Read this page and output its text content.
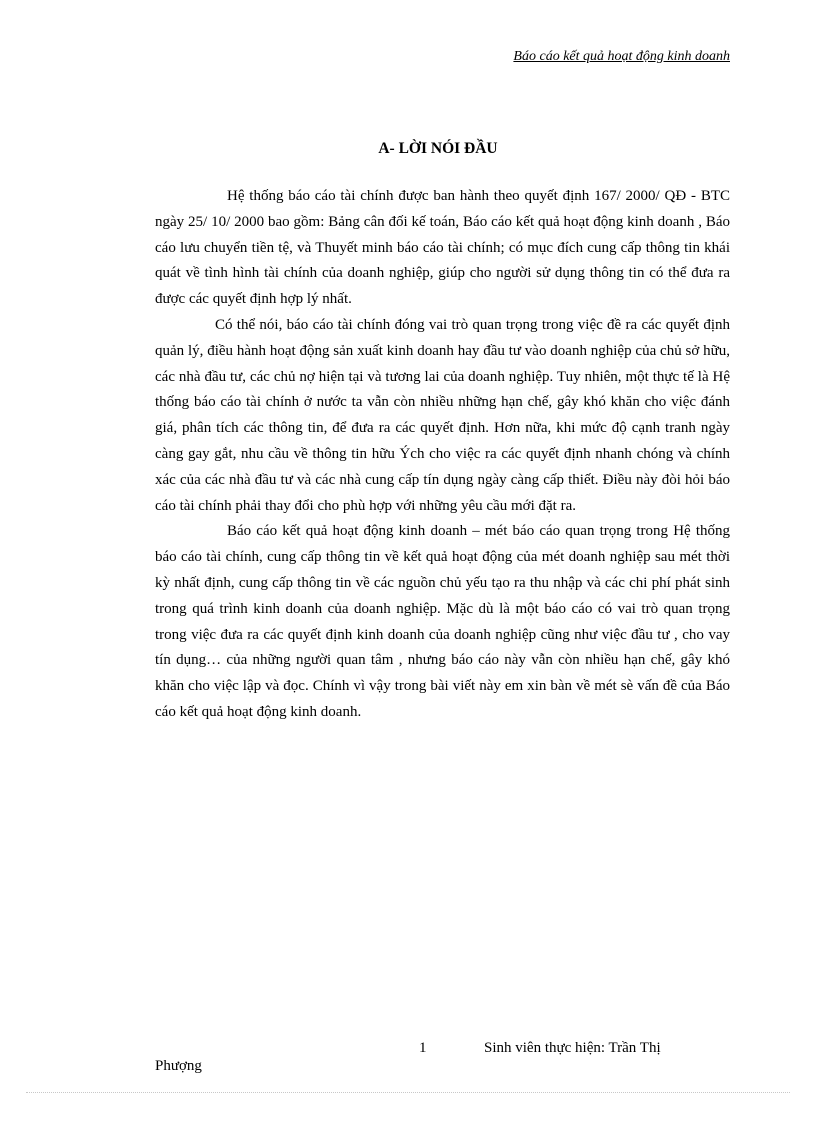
Báo cáo kết quả hoạt động kinh doanh
A- LỜI NÓI ĐẦU

Hệ thống báo cáo tài chính được ban hành theo quyết định 167/ 2000/ QĐ - BTC ngày 25/ 10/ 2000 bao gồm: Bảng cân đối kế toán, Báo cáo kết quả hoạt động kinh doanh , Báo cáo lưu chuyển tiền tệ, và Thuyết minh báo cáo tài chính; có mục đích cung cấp thông tin khái quát về tình hình tài chính của doanh nghiệp, giúp cho người sử dụng thông tin có thể đưa ra được các quyết định hợp lý nhất.

Có thể nói, báo cáo tài chính đóng vai trò quan trọng trong việc đề ra các quyết định quản lý, điều hành hoạt động sản xuất kinh doanh hay đầu tư vào doanh nghiệp của chủ sở hữu, các nhà đầu tư, các chủ nợ hiện tại và tương lai của doanh nghiệp. Tuy nhiên, một thực tế là Hệ thống báo cáo tài chính ở nước ta vẫn còn nhiều những hạn chế, gây khó khăn cho việc đánh giá, phân tích các thông tin, để đưa ra các quyết định. Hơn nữa, khi mức độ cạnh tranh ngày càng gay gắt, nhu cầu về thông tin hữu Ých cho việc ra các quyết định nhanh chóng và chính xác của các nhà đầu tư và các nhà cung cấp tín dụng ngày càng cấp thiết. Điều này đòi hỏi báo cáo tài chính phải thay đổi cho phù hợp với những yêu cầu mới đặt ra.

Báo cáo kết quả hoạt động kinh doanh – mét báo cáo quan trọng trong Hệ thống báo cáo tài chính, cung cấp thông tin về kết quả hoạt động của mét doanh nghiệp sau mét thời kỳ nhất định, cung cấp thông tin về các nguồn chủ yếu tạo ra thu nhập và các chi phí phát sinh trong quá trình kinh doanh của doanh nghiệp. Mặc dù là một báo cáo có vai trò quan trọng trong việc đưa ra các quyết định kinh doanh của doanh nghiệp cũng như việc đầu tư , cho vay tín dụng… của những người quan tâm , nhưng báo cáo này vẫn còn nhiều hạn chế, gây khó khăn cho việc lập và đọc. Chính vì vậy trong bài viết này em xin bàn về mét sè vấn đề của Báo cáo kết quả hoạt động kinh doanh.

1	Sinh viên thực hiện: Trần Thị
Phượng
